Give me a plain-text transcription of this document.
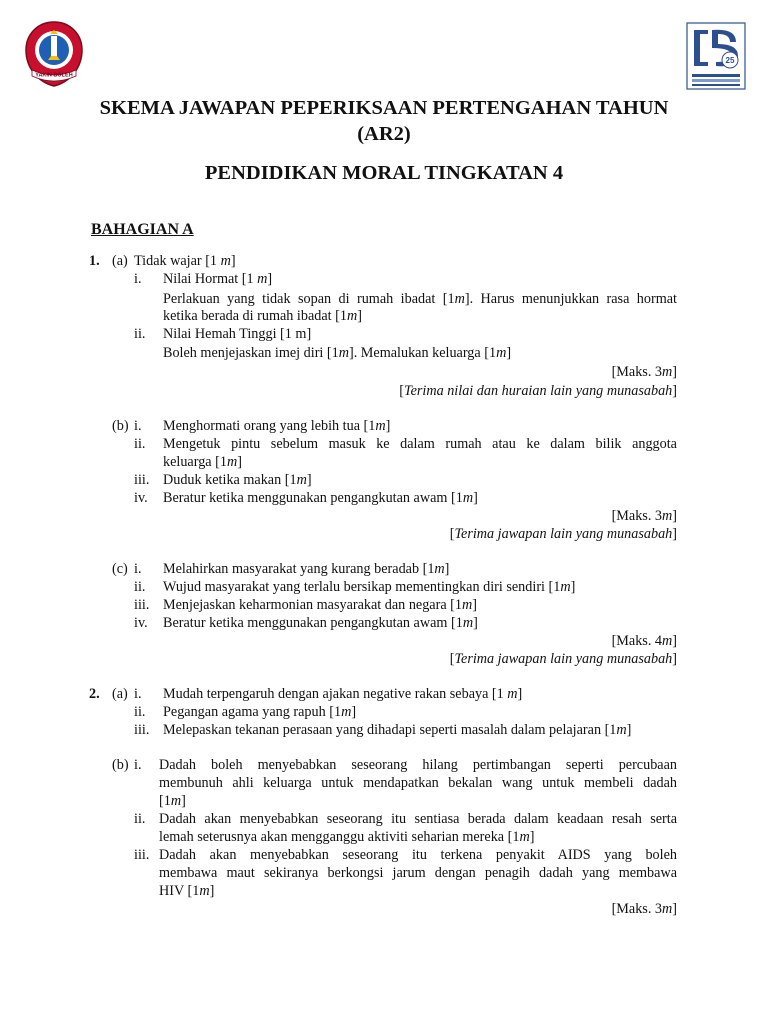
YAKIN BOLEH
25
SKEMA JAWAPAN PEPERIKSAAN PERTENGAHAN TAHUN
(AR2)
PENDIDIKAN MORAL TINGKATAN 4
BAHAGIAN A
1. (a) Tidak wajar [1 m]
i. Nilai Hormat [1 m]
Perlakuan yang tidak sopan di rumah ibadat [1m]. Harus menunjukkan rasa hormat
ketika berada di rumah ibadat [1m]
ii. Nilai Hemah Tinggi [1 m]
Boleh menjejaskan imej diri [1m]. Memalukan keluarga [1m]
[Maks. 3m]
[Terima nilai dan huraian lain yang munasabah]
(b) i. Menghormati orang yang lebih tua [1m]
ii. Mengetuk pintu sebelum masuk ke dalam rumah atau ke dalam bilik anggota
keluarga [1m]
iii. Duduk ketika makan [1m]
iv. Beratur ketika menggunakan pengangkutan awam [1m]
[Maks. 3m]
[Terima jawapan lain yang munasabah]
(c) i. Melahirkan masyarakat yang kurang beradab [1m]
ii. Wujud masyarakat yang terlalu bersikap mementingkan diri sendiri [1m]
iii. Menjejaskan keharmonian masyarakat dan negara [1m]
iv. Beratur ketika menggunakan pengangkutan awam [1m]
[Maks. 4m]
[Terima jawapan lain yang munasabah]
2. (a) i. Mudah terpengaruh dengan ajakan negative rakan sebaya [1 m]
ii. Pegangan agama yang rapuh [1m]
iii. Melepaskan tekanan perasaan yang dihadapi seperti masalah dalam pelajaran [1m]
(b) i. Dadah boleh menyebabkan seseorang hilang pertimbangan seperti percubaan
membunuh ahli keluarga untuk mendapatkan bekalan wang untuk membeli dadah
[1m]
ii. Dadah akan menyebabkan seseorang itu sentiasa berada dalam keadaan resah serta
lemah seterusnya akan mengganggu aktiviti seharian mereka [1m]
iii. Dadah akan menyebabkan seseorang itu terkena penyakit AIDS yang boleh
membawa maut sekiranya berkongsi jarum dengan penagih dadah yang membawa
HIV [1m]
[Maks. 3m]
